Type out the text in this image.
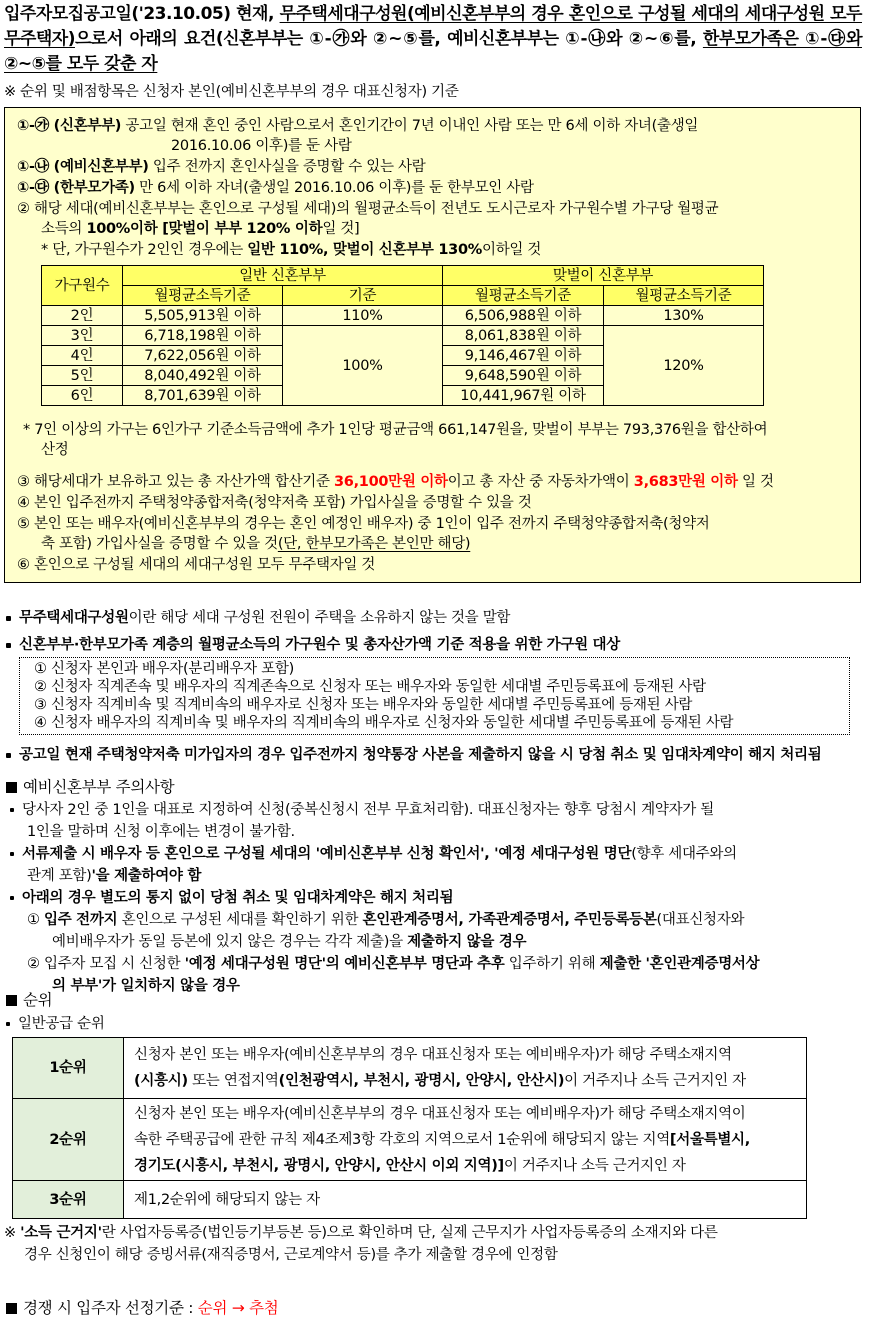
입주자모집공고일('23.10.05) 현재, 무주택세대구성원(예비신혼부부의 경우 혼인으로 구성될 세대의 세대구성원 모두 무주택자)으로서 아래의 요건(신혼부부는 ①-㉮와 ②~⑤를, 예비신혼부부는 ①-㉯와 ②~⑥를, 한부모가족은 ①-㉰와 ②~⑤를 모두 갖춘 자
※ 순위 및 배점항목은 신청자 본인(예비신혼부부의 경우 대표신청자) 기준
①-㉮ (신혼부부) 공고일 현재 혼인 중인 사람으로서 혼인기간이 7년 이내인 사람 또는 만 6세 이하 자녀(출생일
2016.10.06 이후)를 둔 사람
①-㉯ (예비신혼부부) 입주 전까지 혼인사실을 증명할 수 있는 사람
①-㉰ (한부모가족) 만 6세 이하 자녀(출생일 2016.10.06 이후)를 둔 한부모인 사람
② 해당 세대(예비신혼부부는 혼인으로 구성될 세대)의 월평균소득이 전년도 도시근로자 가구원수별 가구당 월평균
소득의 100%이하 [맞벌이 부부 120% 이하일 것]
* 단, 가구원수가 2인인 경우에는 일반 110%, 맞벌이 신혼부부 130%이하일 것
가구원수	일반 신혼부부		맞벌이 신혼부부	
	월평균소득기준	기준	월평균소득기준	월평균소득기준
2인	5,505,913원 이하	110%	6,506,988원 이하	130%
3인	6,718,198원 이하	100%	8,061,838원 이하	120%
4인	7,622,056원 이하		9,146,467원 이하	
5인	8,040,492원 이하		9,648,590원 이하	
6인	8,701,639원 이하		10,441,967원 이하	
* 7인 이상의 가구는 6인가구 기준소득금액에 추가 1인당 평균금액 661,147원을, 맞벌이 부부는 793,376원을 합산하여
산정
③ 해당세대가 보유하고 있는 총 자산가액 합산기준 36,100만원 이하이고 총 자산 중 자동차가액이 3,683만원 이하 일 것
④ 본인 입주전까지 주택청약종합저축(청약저축 포함) 가입사실을 증명할 수 있을 것
⑤ 본인 또는 배우자(예비신혼부부의 경우는 혼인 예정인 배우자) 중 1인이 입주 전까지 주택청약종합저축(청약저
축 포함) 가입사실을 증명할 수 있을 것(단, 한부모가족은 본인만 해당)
⑥ 혼인으로 구성될 세대의 세대구성원 모두 무주택자일 것
무주택세대구성원이란 해당 세대 구성원 전원이 주택을 소유하지 않는 것을 말함
신혼부부·한부모가족 계층의 월평균소득의 가구원수 및 총자산가액 기준 적용을 위한 가구원 대상
① 신청자 본인과 배우자(분리배우자 포함)
② 신청자 직계존속 및 배우자의 직계존속으로 신청자 또는 배우자와 동일한 세대별 주민등록표에 등재된 사람
③ 신청자 직계비속 및 직계비속의 배우자로 신청자 또는 배우자와 동일한 세대별 주민등록표에 등재된 사람
④ 신청자 배우자의 직계비속 및 배우자의 직계비속의 배우자로 신청자와 동일한 세대별 주민등록표에 등재된 사람
공고일 현재 주택청약저축 미가입자의 경우 입주전까지 청약통장 사본을 제출하지 않을 시 당첨 취소 및 임대차계약이 해지 처리됨
예비신혼부부 주의사항
당사자 2인 중 1인을 대표로 지정하여 신청(중복신청시 전부 무효처리함). 대표신청자는 향후 당첨시 계약자가 될
1인을 말하며 신청 이후에는 변경이 불가함.
서류제출 시 배우자 등 혼인으로 구성될 세대의 '예비신혼부부 신청 확인서', '예정 세대구성원 명단(향후 세대주와의
관계 포함)'을 제출하여야 함
아래의 경우 별도의 통지 없이 당첨 취소 및 임대차계약은 해지 처리됨
① 입주 전까지 혼인으로 구성된 세대를 확인하기 위한 혼인관계증명서, 가족관계증명서, 주민등록등본(대표신청자와
예비배우자가 동일 등본에 있지 않은 경우는 각각 제출)을 제출하지 않을 경우
② 입주자 모집 시 신청한 '예정 세대구성원 명단'의 예비신혼부부 명단과 추후 입주하기 위해 제출한 '혼인관계증명서상
의 부부'가 일치하지 않을 경우
순위
일반공급 순위
1순위	신청자 본인 또는 배우자(예비신혼부부의 경우 대표신청자 또는 예비배우자)가 해당 주택소재지역
(시흥시) 또는 연접지역(인천광역시, 부천시, 광명시, 안양시, 안산시)이 거주지나 소득 근거지인 자

2순위	신청자 본인 또는 배우자(예비신혼부부의 경우 대표신청자 또는 예비배우자)가 해당 주택소재지역이
속한 주택공급에 관한 규칙 제4조제3항 각호의 지역으로서 1순위에 해당되지 않는 지역[서울특별시,
경기도(시흥시, 부천시, 광명시, 안양시, 안산시 이외 지역)]이 거주지나 소득 근거지인 자

3순위	제1,2순위에 해당되지 않는 자
※ '소득 근거지'란 사업자등록증(법인등기부등본 등)으로 확인하며 단, 실제 근무지가 사업자등록증의 소재지와 다른
경우 신청인이 해당 증빙서류(재직증명서, 근로계약서 등)를 추가 제출할 경우에 인정함
경쟁 시 입주자 선정기준 : 순위 → 추첨
